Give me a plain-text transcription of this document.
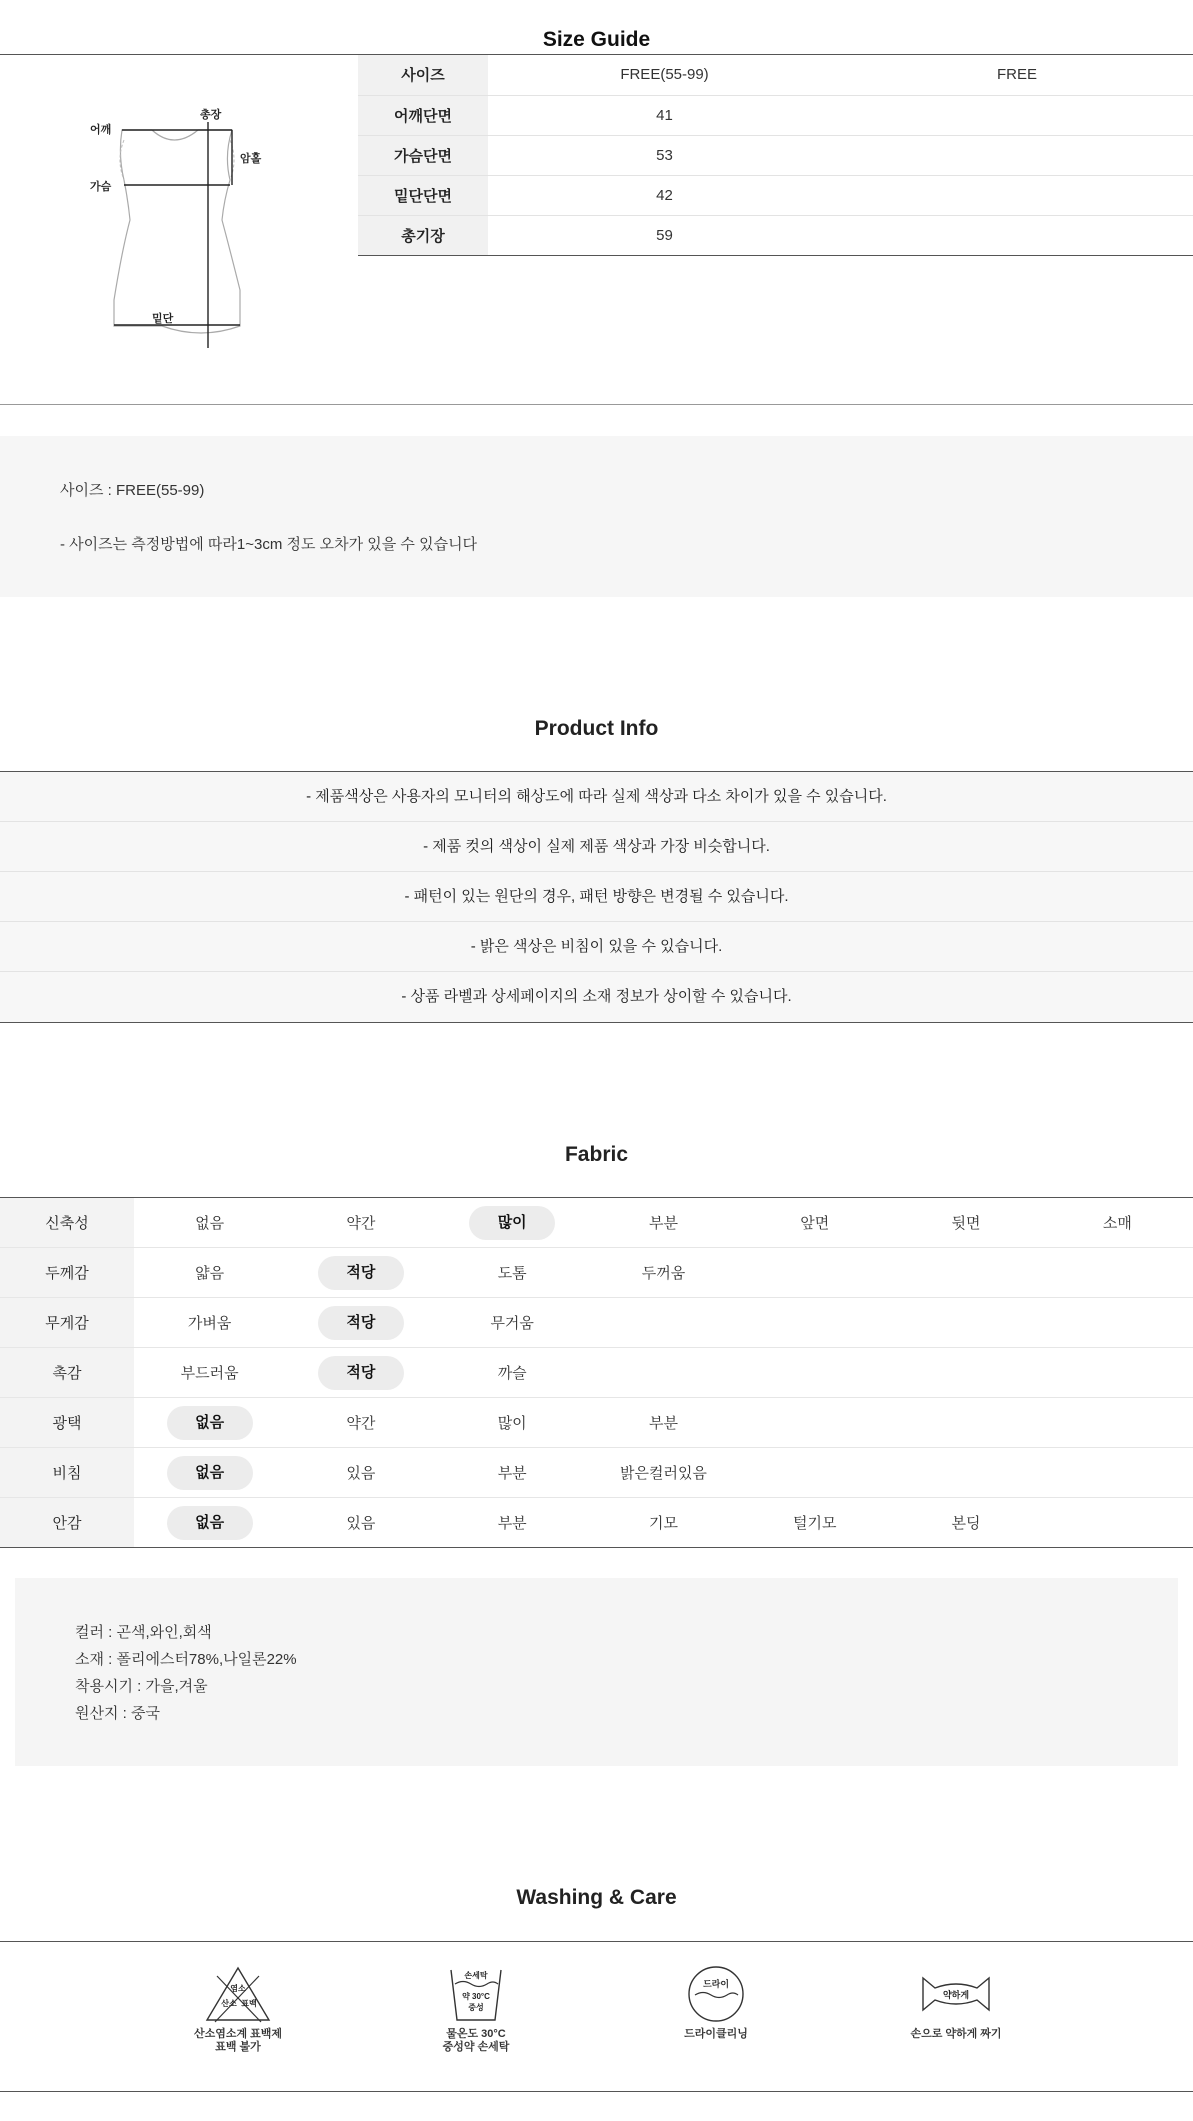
Size Guide
어깨
총장
암홀
가슴
밑단
사이즈	FREE(55-99)	FREE
어깨단면	41	
가슴단면	53	
밑단단면	42	
총기장	59	
사이즈 : FREE(55-99)
- 사이즈는 측정방법에 따라1~3cm 정도 오차가 있을 수 있습니다
Product Info
- 제품색상은 사용자의 모니터의 해상도에 따라 실제 색상과 다소 차이가 있을 수 있습니다.
- 제품 컷의 색상이 실제 제품 색상과 가장 비슷합니다.
- 패턴이 있는 원단의 경우, 패턴 방향은 변경될 수 있습니다.
- 밝은 색상은 비침이 있을 수 있습니다.
- 상품 라벨과 상세페이지의 소재 정보가 상이할 수 있습니다.
Fabric
신축성	없음	약간	많이	부분	앞면	뒷면	소매
두께감	얇음	적당	도톰	두꺼움			
무게감	가벼움	적당	무거움				
촉감	부드러움	적당	까슬				
광택	없음	약간	많이	부분			
비침	없음	있음	부분	밝은컬러있음			
안감	없음	있음	부분	기모	털기모	본딩	
컬러 : 곤색,와인,회색
소재 : 폴리에스터78%,나일론22%
착용시기 : 가을,겨울
원산지 : 중국
Washing & Care
염소
산소 표백
산소염소계 표백제
표백 불가
손세탁
약 30°C
중성
물온도 30°C
중성약 손세탁
드라이
드라이클리닝
약하게
손으로 약하게 짜기
